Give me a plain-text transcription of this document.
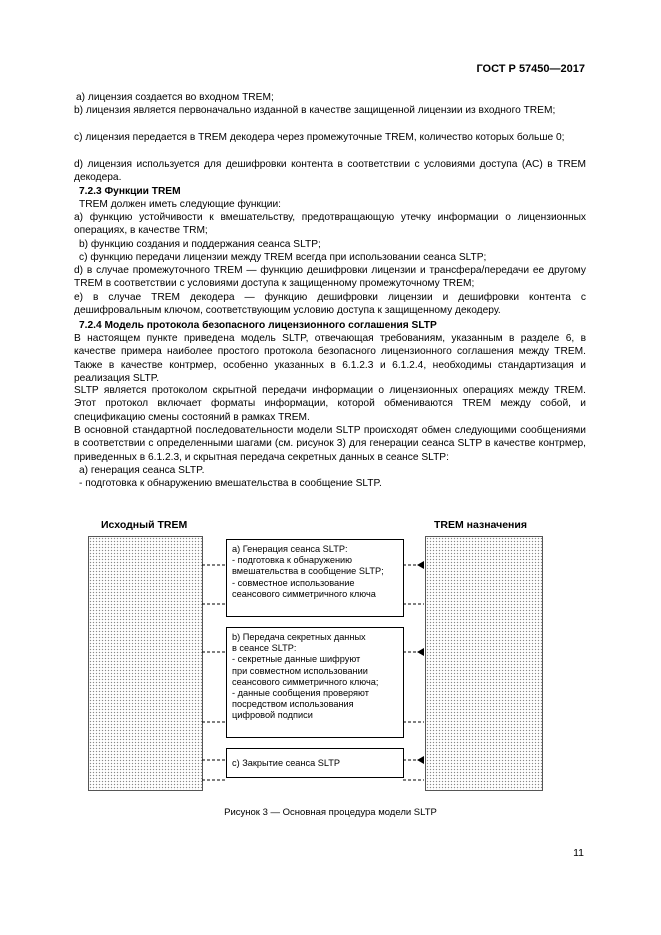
ГОСТ Р 57450—2017

a) лицензия создается во входном TREM;

b) лицензия является первоначально изданной в качестве защищенной лицензии из входного TREM;

c) лицензия передается в TREM декодера через промежуточные TREM, количество которых больше 0;

d) лицензия используется для дешифровки контента в соответствии с условиями доступа (AC) в TREM декодера.

7.2.3 Функции TREM

TREM должен иметь следующие функции:

a) функцию устойчивости к вмешательству, предотвращающую утечку информации о лицензионных операциях, в качестве TRM;

b) функцию создания и поддержания сеанса SLTP;

c) функцию передачи лицензии между TREM всегда при использовании сеанса SLTP;

d) в случае промежуточного TREM — функцию дешифровки лицензии и трансфера/передачи ее другому TREM в соответствии с условиями доступа к защищенному промежуточному TREM;

e) в случае TREM декодера — функцию дешифровки лицензии и дешифровки контента с дешифровальным ключом, соответствующим условию доступа к защищенному декодеру.

7.2.4 Модель протокола безопасного лицензионного соглашения SLTP

В настоящем пункте приведена модель SLTP, отвечающая требованиям, указанным в разделе 6, в качестве примера наиболее простого протокола безопасного лицензионного соглашения между TREM. Также в качестве контрмер, особенно указанных в 6.1.2.3 и 6.1.2.4, необходимы стандартизация и реализация SLTP.

SLTP является протоколом скрытной передачи информации о лицензионных операциях между TREM. Этот протокол включает форматы информации, которой обмениваются TREM между собой, и спецификацию смены состояний в рамках TREM.

В основной стандартной последовательности модели SLTP происходят обмен следующими сообщениями в соответствии с определенными шагами (см. рисунок 3) для генерации сеанса SLTP в качестве контрмер, приведенных в 6.1.2.3, и скрытная передача секретных данных в сеансе SLTP:

a) генерация сеанса SLTP.

- подготовка к обнаружению вмешательства в сообщение SLTP.

Исходный TREM	TREM назначения
a) Генерация сеанса SLTP:
- подготовка к обнаружению
вмешательства в сообщение SLTP;
- совместное использование
сеансового симметричного ключа
b) Передача секретных данных
в сеансе SLTP:
- секретные данные шифруют
при совместном использовании
сеансового симметричного ключа;
- данные сообщения проверяют
посредством использования
цифровой подписи
c) Закрытие сеанса SLTP
Рисунок 3 — Основная процедура модели SLTP
11
